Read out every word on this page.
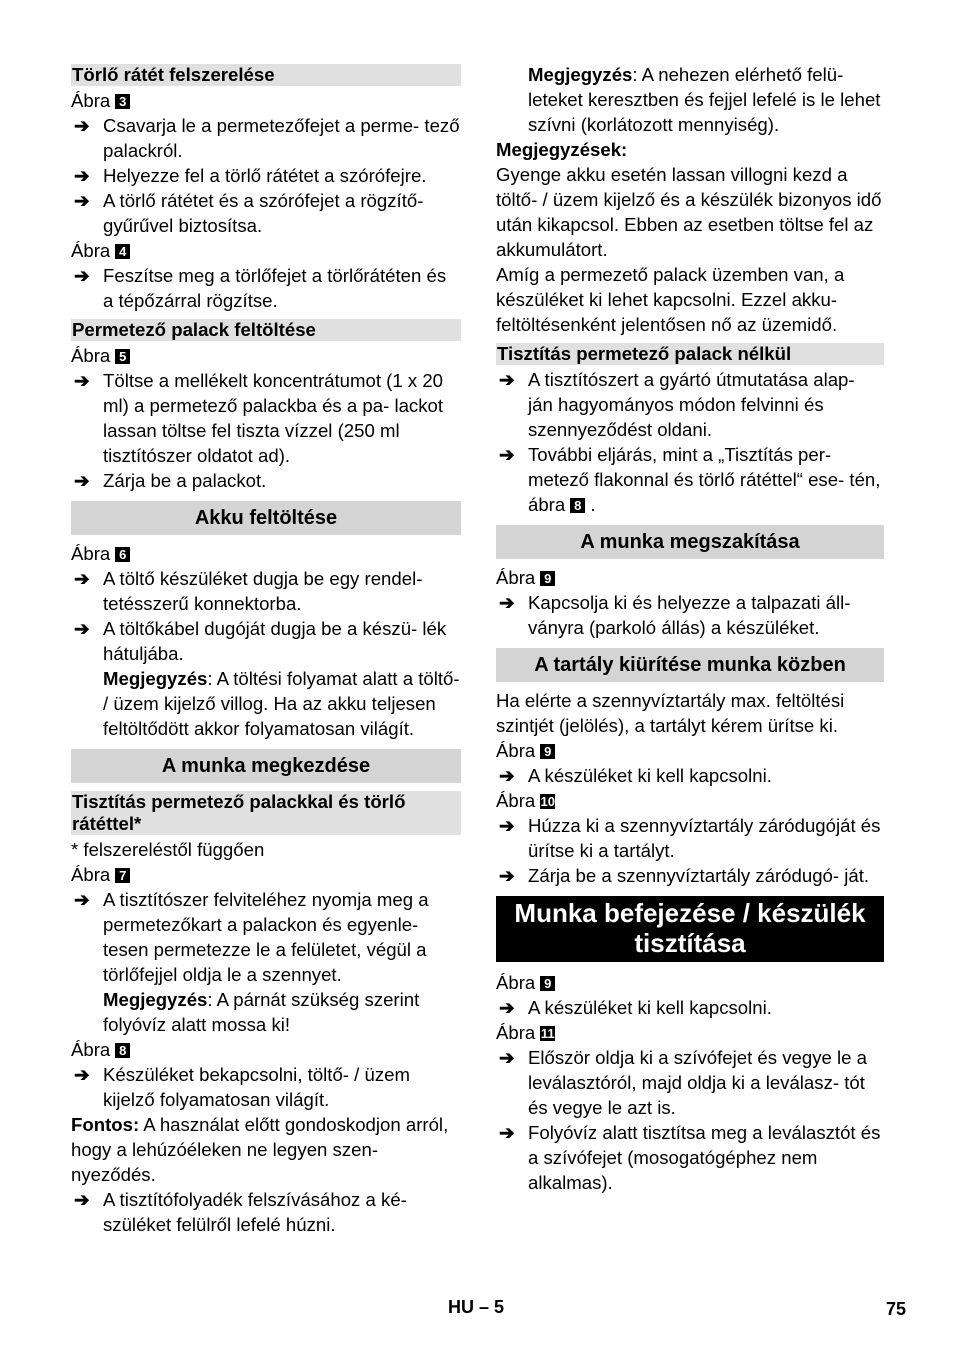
Törlő rátét felszerelése

Ábra 3

➔ Csavarja le a permetezőfejet a perme- tező palackról.

➔ Helyezze fel a törlő rátétet a szórófejre.

➔ A törlő rátétet és a szórófejet a rögzítő- gyűrűvel biztosítsa.

Ábra 4

➔ Feszítse meg a törlőfejet a törlőrátéten és a tépőzárral rögzítse.

Permetező palack feltöltése

Ábra 5

➔ Töltse a mellékelt koncentrátumot (1 x 20 ml) a permetező palackba és a pa- lackot lassan töltse fel tiszta vízzel (250 ml tisztítószer oldatot ad).

➔ Zárja be a palackot.

Akku feltöltése

Ábra 6

➔ A töltő készüléket dugja be egy rendel- tetésszerű konnektorba.

➔ A töltőkábel dugóját dugja be a készü- lék hátuljába.

Megjegyzés: A töltési folyamat alatt a töltő- / üzem kijelző villog. Ha az akku teljesen feltöltődött akkor folyamatosan világít.

A munka megkezdése
Tisztítás permetező palackkal és törlő rátéttel*

* felszereléstől függően

Ábra 7

➔ A tisztítószer felviteléhez nyomja meg a permetezőkart a palackon és egyenle- tesen permetezze le a felületet, végül a törlőfejjel oldja le a szennyet.

Megjegyzés: A párnát szükség szerint folyóvíz alatt mossa ki!

Ábra 8

➔ Készüléket bekapcsolni, töltő- / üzem kijelző folyamatosan világít.

Fontos: A használat előtt gondoskodjon arról, hogy a lehúzóéleken ne legyen szen- nyeződés.

➔ A tisztítófolyadék felszívásához a ké- szüléket felülről lefelé húzni.

Megjegyzés: A nehezen elérhető felü- leteket keresztben és fejjel lefelé is le lehet szívni (korlátozott mennyiség).

Megjegyzések:

Gyenge akku esetén lassan villogni kezd a töltő- / üzem kijelző és a készülék bizonyos idő után kikapcsol. Ebben az esetben töltse fel az akkumulátort.

Amíg a permezető palack üzemben van, a készüléket ki lehet kapcsolni. Ezzel akku- feltöltésenként jelentősen nő az üzemidő.

Tisztítás permetező palack nélkül

➔ A tisztítószert a gyártó útmutatása alap- ján hagyományos módon felvinni és szennyeződést oldani.

➔ További eljárás, mint a „Tisztítás per- metező flakonnal és törlő rátéttel“ ese- tén, ábra 8 .

A munka megszakítása

Ábra 9

➔ Kapcsolja ki és helyezze a talpazati áll- ványra (parkoló állás) a készüléket.

A tartály kiürítése munka közben

Ha elérte a szennyvíztartály max. feltöltési szintjét (jelölés), a tartályt kérem ürítse ki.

Ábra 9

➔ A készüléket ki kell kapcsolni.

Ábra 10

➔ Húzza ki a szennyvíztartály záródugóját és ürítse ki a tartályt.

➔ Zárja be a szennyvíztartály záródugó- ját.

Munka befejezése / készülék tisztítása

Ábra 9

➔ A készüléket ki kell kapcsolni.

Ábra 11

➔ Először oldja ki a szívófejet és vegye le a leválasztóról, majd oldja ki a leválasz- tót és vegye le azt is.

➔ Folyóvíz alatt tisztítsa meg a leválasztót és a szívófejet (mosogatógéphez nem alkalmas).

HU – 5	75
